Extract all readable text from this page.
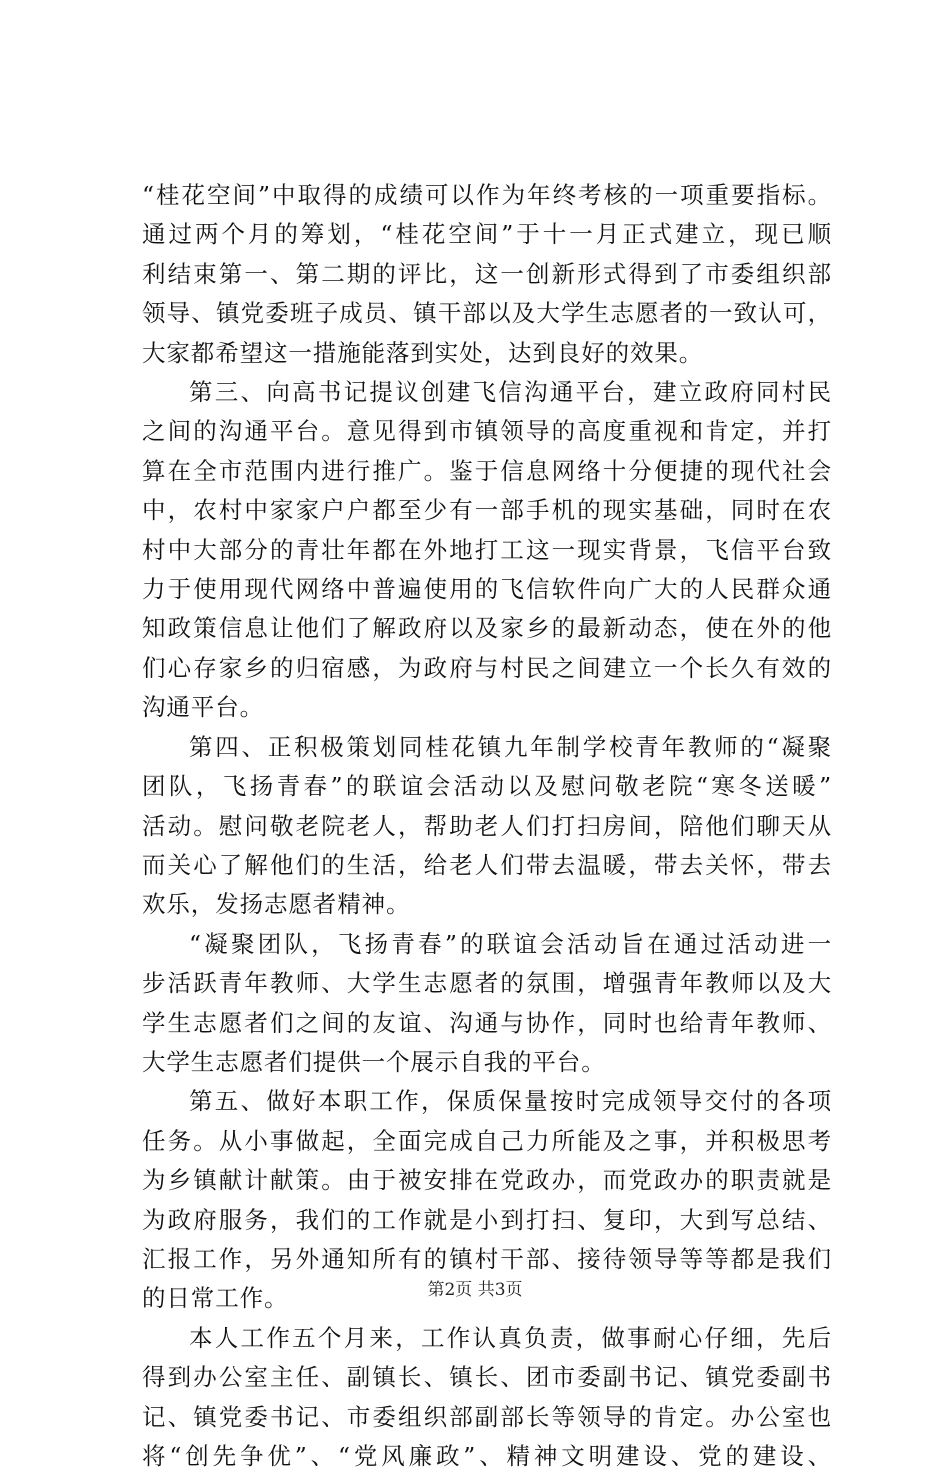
“桂花空间”中取得的成绩可以作为年终考核的一项重要指标。
通过两个月的筹划，“桂花空间”于十一月正式建立，现已顺
利结束第一、第二期的评比，这一创新形式得到了市委组织部
领导、镇党委班子成员、镇干部以及大学生志愿者的一致认可，
大家都希望这一措施能落到实处，达到良好的效果。
第三、向高书记提议创建飞信沟通平台，建立政府同村民
之间的沟通平台。意见得到市镇领导的高度重视和肯定，并打
算在全市范围内进行推广。鉴于信息网络十分便捷的现代社会
中，农村中家家户户都至少有一部手机的现实基础，同时在农
村中大部分的青壮年都在外地打工这一现实背景，飞信平台致
力于使用现代网络中普遍使用的飞信软件向广大的人民群众通
知政策信息让他们了解政府以及家乡的最新动态，使在外的他
们心存家乡的归宿感，为政府与村民之间建立一个长久有效的
沟通平台。
第四、正积极策划同桂花镇九年制学校青年教师的“凝聚
团队，飞扬青春”的联谊会活动以及慰问敬老院“寒冬送暖”
活动。慰问敬老院老人，帮助老人们打扫房间，陪他们聊天从
而关心了解他们的生活，给老人们带去温暖，带去关怀，带去
欢乐，发扬志愿者精神。
“凝聚团队，飞扬青春”的联谊会活动旨在通过活动进一
步活跃青年教师、大学生志愿者的氛围，增强青年教师以及大
学生志愿者们之间的友谊、沟通与协作，同时也给青年教师、
大学生志愿者们提供一个展示自我的平台。
第五、做好本职工作，保质保量按时完成领导交付的各项
任务。从小事做起，全面完成自己力所能及之事，并积极思考
为乡镇献计献策。由于被安排在党政办，而党政办的职责就是
为政府服务，我们的工作就是小到打扫、复印，大到写总结、
汇报工作，另外通知所有的镇村干部、接待领导等等都是我们
的日常工作。
本人工作五个月来，工作认真负责，做事耐心仔细，先后
得到办公室主任、副镇长、镇长、团市委副书记、镇党委副书
记、镇党委书记、市委组织部副部长等领导的肯定。办公室也
将“创先争优”、“党风廉政”、精神文明建设、党的建设、
第2页 共3页
